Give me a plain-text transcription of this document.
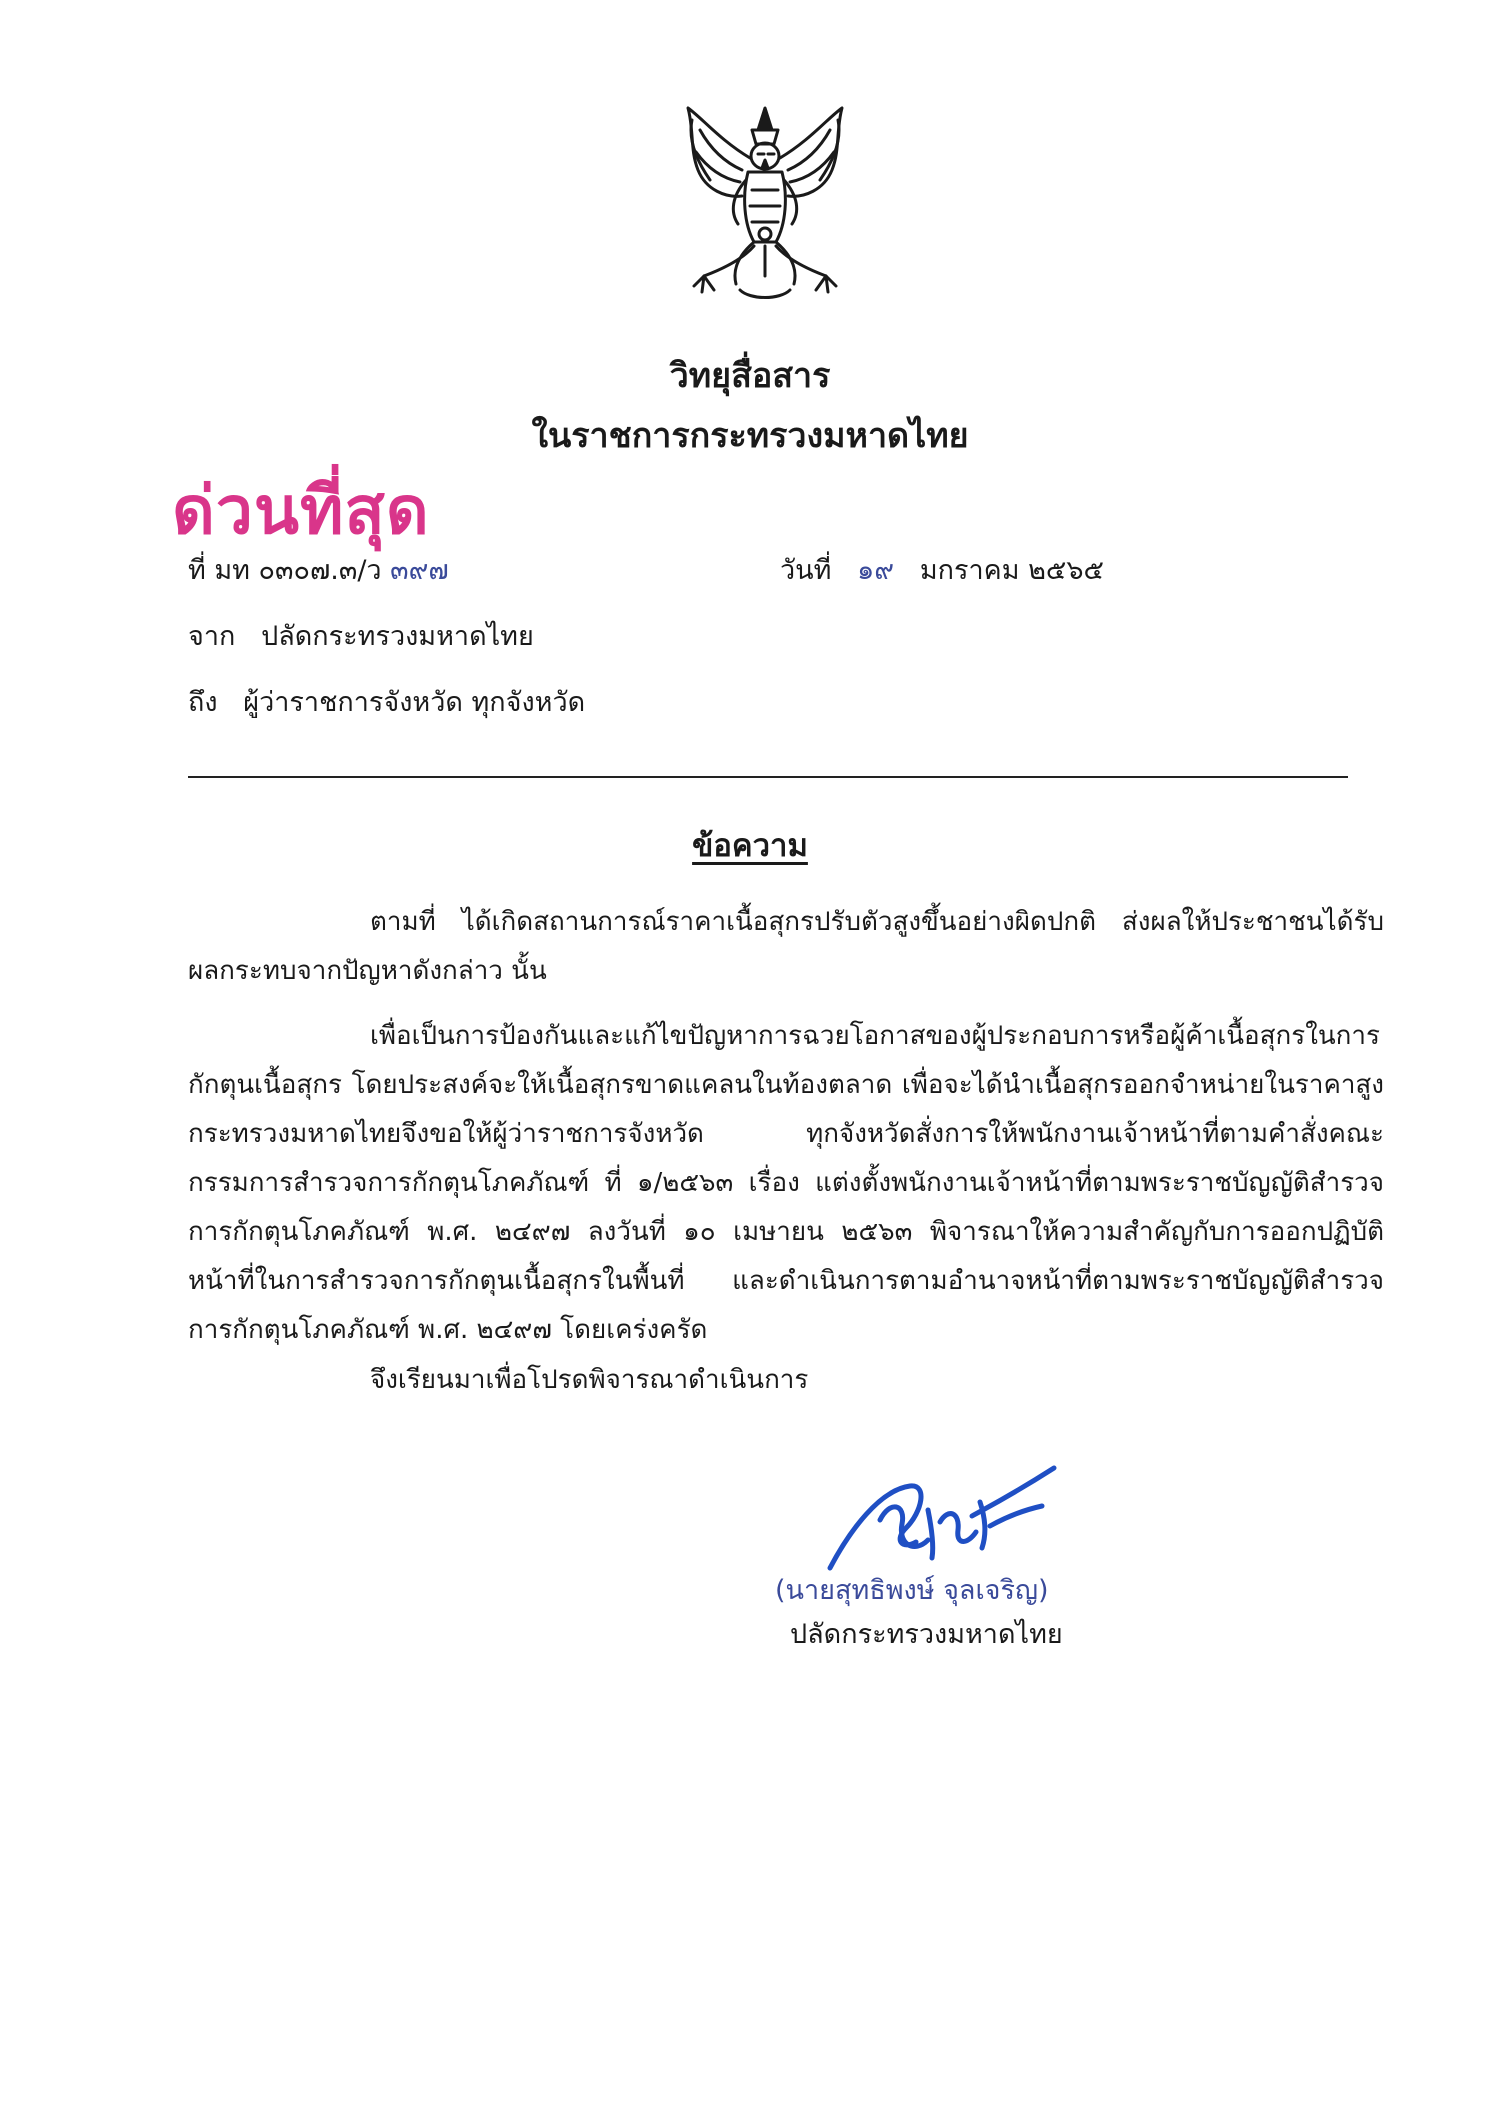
วิทยุสื่อสาร
ในราชการกระทรวงมหาดไทย
ด่วนที่สุด
ที่ มท ๐๓๐๗.๓/ว ๓๙๗	วันที่ ๑๙ มกราคม ๒๕๖๕
จาก ปลัดกระทรวงมหาดไทย
ถึง ผู้ว่าราชการจังหวัด ทุกจังหวัด
ข้อความ

ตามที่ ได้เกิดสถานการณ์ราคาเนื้อสุกรปรับตัวสูงขึ้นอย่างผิดปกติ ส่งผลให้ประชาชนได้รับผลกระทบจากปัญหาดังกล่าว นั้น

เพื่อเป็นการป้องกันและแก้ไขปัญหาการฉวยโอกาสของผู้ประกอบการหรือผู้ค้าเนื้อสุกรในการกักตุนเนื้อสุกร โดยประสงค์จะให้เนื้อสุกรขาดแคลนในท้องตลาด เพื่อจะได้นำเนื้อสุกรออกจำหน่ายในราคาสูง กระทรวงมหาดไทยจึงขอให้ผู้ว่าราชการจังหวัด ทุกจังหวัดสั่งการให้พนักงานเจ้าหน้าที่ตามคำสั่งคณะกรรมการสำรวจการกักตุนโภคภัณฑ์ ที่ ๑/๒๕๖๓ เรื่อง แต่งตั้งพนักงานเจ้าหน้าที่ตามพระราชบัญญัติสำรวจการกักตุนโภคภัณฑ์ พ.ศ. ๒๔๙๗ ลงวันที่ ๑๐ เมษายน ๒๕๖๓ พิจารณาให้ความสำคัญกับการออกปฏิบัติหน้าที่ในการสำรวจการกักตุนเนื้อสุกรในพื้นที่ และดำเนินการตามอำนาจหน้าที่ตามพระราชบัญญัติสำรวจการกักตุนโภคภัณฑ์ พ.ศ. ๒๔๙๗ โดยเคร่งครัด

จึงเรียนมาเพื่อโปรดพิจารณาดำเนินการ

(นายสุทธิพงษ์ จุลเจริญ)
ปลัดกระทรวงมหาดไทย
